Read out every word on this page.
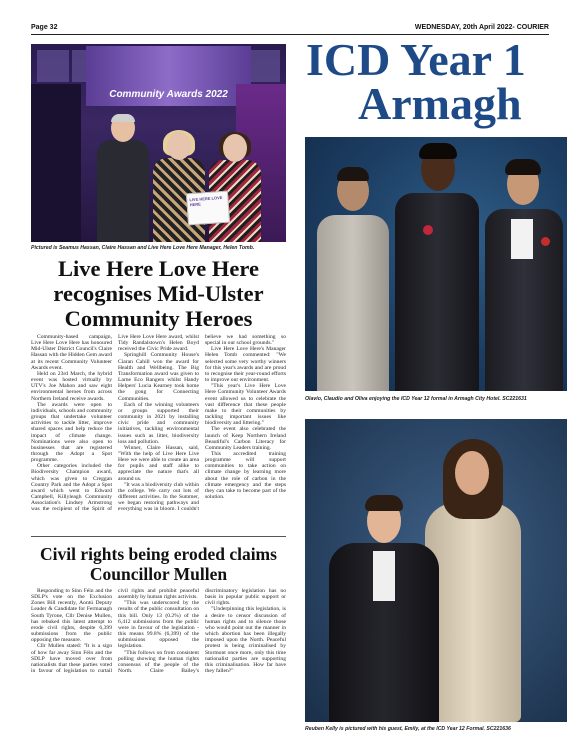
Page 32	WEDNESDAY, 20th April 2022- COURIER
Community Awards 2022
LIVE HERE LOVE HERE
Pictured is Seamus Hassan, Claire Hassan and Live Here Love Here Manager, Helen Tomb.
Live Here Love Here recognises Mid-Ulster Community Heroes

Community-based campaign, Live Here Love Here has honoured Mid-Ulster District Council's Claire Hassan with the Hidden Gem award at its recent Community Volunteer Awards event.

Held on 23rd March, the hybrid event was hosted virtually by UTV's Joe Mahon and saw eight environmental heroes from across Northern Ireland receive awards.

The awards were open to individuals, schools and community groups that undertake volunteer activities to tackle litter, improve shared spaces and help reduce the impact of climate change. Nominations were also open to businesses that are registered through the Adopt a Spot programme.

Other categories included the Biodiversity Champion award, which was given to Creggan Country Park and the Adopt a Spot award which went to Edward Campbell, Killyleagh Community Association's Lindsey Armstrong was the recipient of the Spirit of Live Here Love Here award, whilst Tidy Randalstown's Helen Boyd received the Civic Pride award.

Springhill Community House's Ciaran Cahill won the award for Health and Wellbeing. The Big Transformation award was given to Larne Eco Rangers whilst Handy Helpers' Lucia Kearney took home the gong for Connecting Communities.

Each of the winning volunteers or groups supported their community in 2021 by installing civic pride and community initiatives, tackling environmental issues such as litter, biodiversity loss and pollution.

Winner, Claire Hassan, said, "With the help of Live Here Live Here we were able to create an area for pupils and staff alike to appreciate the nature that's all around us.

"It was a biodiversity club within the college. We carry out lots of different activities. In the Summer, we began restoring pathways and everything was in bloom. I couldn't believe we had something so special in our school grounds."

Live Here Love Here's Manager Helen Tomb commented: "We selected some very worthy winners for this year's awards and are proud to recognise their year-round efforts to improve our environment.

"This year's Live Here Love Here Community Volunteer Awards event allowed us to celebrate the vast difference that these people make to their communities by tackling important issues like biodiversity and littering."

The event also celebrated the launch of Keep Northern Ireland Beautiful's Carbon Literacy for Community Leaders training.

This accredited training programme will support communities to take action on climate change by learning more about the role of carbon in the climate emergency and the steps they can take to become part of the solution.

Civil rights being eroded claims Councillor Mullen

Responding to Sinn Féin and the SDLP's vote on the Exclusion Zones Bill recently, Aontú Deputy Leader & Candidate for Fermanagh South Tyrone, Cllr Denise Mullen, has rebuked this latest attempt to erode civil rights, despite 6,399 submissions from the public opposing the measure.

Cllr Mullen stated: "It is a sign of how far away Sinn Féin and the SDLP have moved over from nationalists that these parties voted in favour of legislation to curtail civil rights and prohibit peaceful assembly by human rights activists.

"This was underscored by the results of the public consultation on this bill. Only 13 (0.2%) of the 6,412 submissions from the public were in favour of the legislation - this means 99.8% (6,399) of the submissions opposed the legislation.

"This follows on from consistent polling showing the human rights consensus of the people of the North. Claire Bailey's discriminatory legislation has no basis in popular public support or civil rights.

"Underpinning this legislation, is a desire to censor discussion of human rights and to silence those who would point out the manner in which abortion has been illegally imposed upon the North. Peaceful protest is being criminalised by Stormont once more, only this time nationalist parties are supporting this criminalisation. How far have they fallen?"

ICD Year 1
Armagh
Olavio, Claudio and Oliva enjoying the ICD Year 12 formal in Armagh City Hotel. SC221631
Reuben Kelly is pictured with his guest, Emily, at the ICD Year 12 Formal. SC221636
